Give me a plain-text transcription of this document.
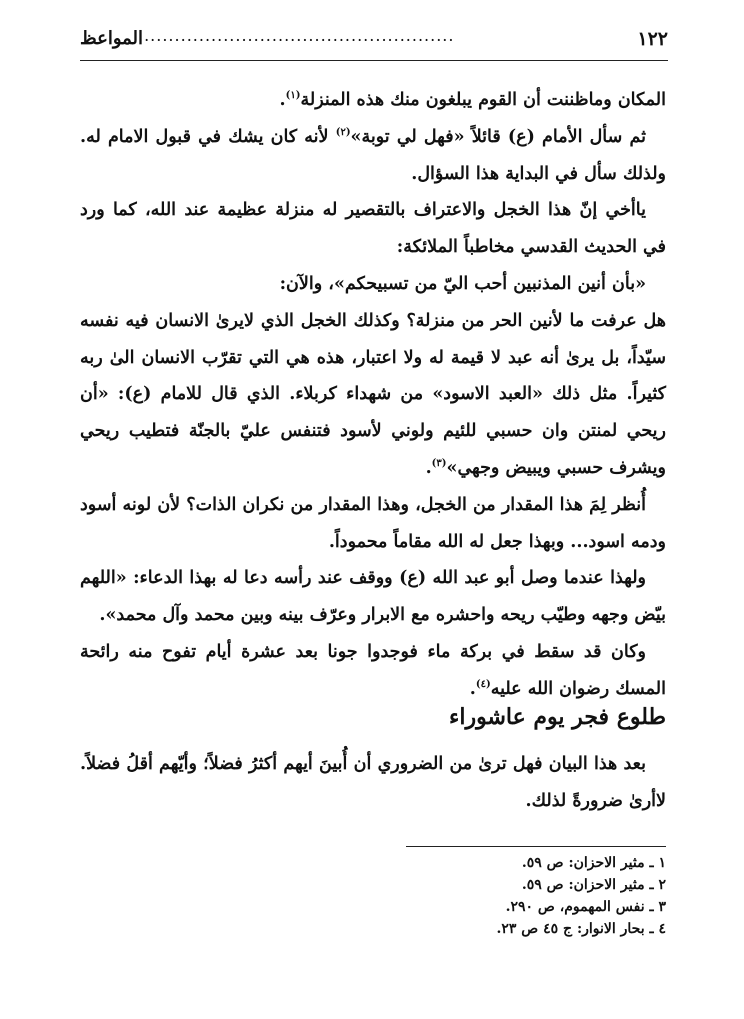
١٢٢
....................................................
المواعظ

المكان وماظننت أن القوم يبلغون منك هذه المنزلة$^{(١)}$.

ثم سأل الأمام (ع) قائلاً «فهل لي توبة»$^{(٢)}$ لأنه كان يشك في قبول الامام له. ولذلك سأل في البداية هذا السؤال.

ياأخي إنّ هذا الخجل والاعتراف بالتقصير له منزلة عظيمة عند الله، كما ورد في الحديث القدسي مخاطباً الملائكة:

«بأن أنين المذنبين أحب اليّ من تسبيحكم»، والآن:

هل عرفت ما لأنين الحر من منزلة؟ وكذلك الخجل الذي لايرىٰ الانسان فيه نفسه سيّداً، بل يرىٰ أنه عبد لا قيمة له ولا اعتبار، هذه هي التي تقرّب الانسان الىٰ ربه كثيراً. مثل ذلك «العبد الاسود» من شهداء كربلاء. الذي قال للامام (ع): «أن ريحي لمنتن وان حسبي للئيم ولوني لأسود فتنفس عليّ بالجنّة فتطيب ريحي ويشرف حسبي ويبيض وجهي»$^{(٣)}$.

أُنظر لِمَ هذا المقدار من الخجل، وهذا المقدار من نكران الذات؟ لأن لونه أسود ودمه اسود... وبهذا جعل له الله مقاماً محموداً.

ولهذا عندما وصل أبو عبد الله (ع) ووقف عند رأسه دعا له بهذا الدعاء: «اللهم بيّض وجهه وطيّب ريحه واحشره مع الابرار وعرّف بينه وبين محمد وآل محمد».

وكان قد سقط في بركة ماء فوجدوا جونا بعد عشرة أيام تفوح منه رائحة المسك رضوان الله عليه$^{(٤)}$.

طلوع فجر يوم عاشوراء

بعد هذا البيان فهل ترىٰ من الضروري أن أُبينَ أيهم أكثرُ فضلاً؛ وأيّهم أقلُ فضلاً. لاأرىٰ ضرورةً لذلك.

١ ـ مثير الاحزان: ص ٥٩.
٢ ـ مثير الاحزان: ص ٥٩.
٣ ـ نفس المهموم، ص ٢٩٠.
٤ ـ بحار الانوار: ج ٤٥ ص ٢٣.
